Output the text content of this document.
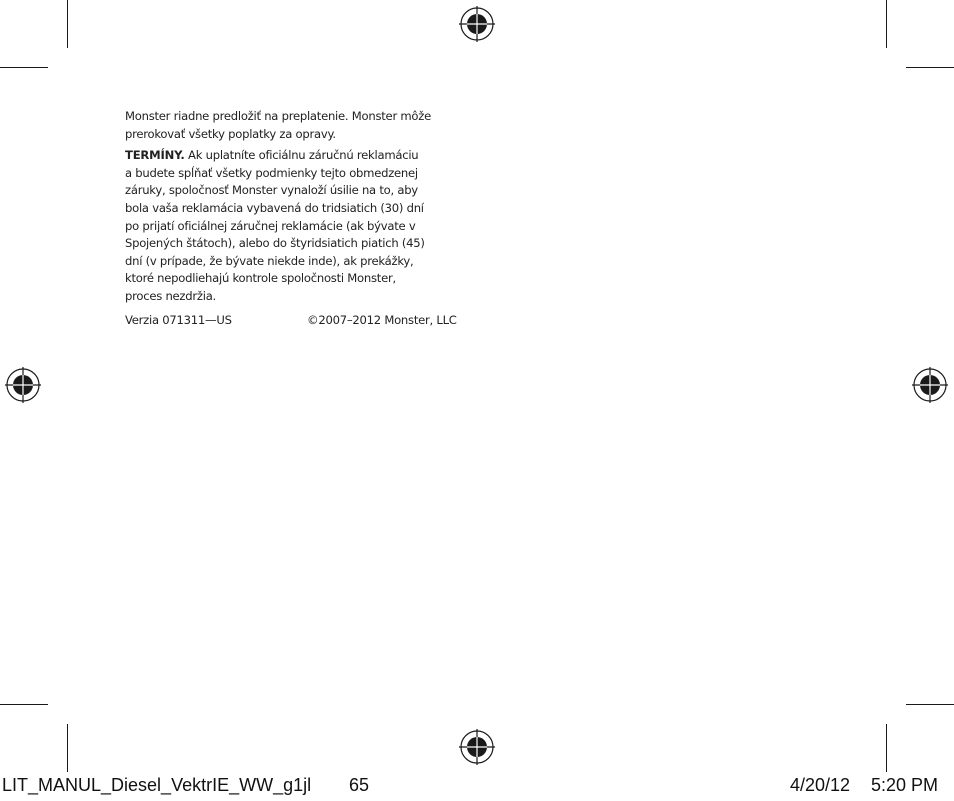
Monster riadne predložiť na preplatenie. Monster môže
prerokovať všetky poplatky za opravy.

TERMÍNY. Ak uplatníte oficiálnu záručnú reklamáciu
a budete spĺňať všetky podmienky tejto obmedzenej
záruky, spoločnosť Monster vynaloží úsilie na to, aby
bola vaša reklamácia vybavená do tridsiatich (30) dní
po prijatí oficiálnej záručnej reklamácie (ak bývate v
Spojených štátoch), alebo do štyridsiatich piatich (45)
dní (v prípade, že bývate niekde inde), ak prekážky,
ktoré nepodliehajú kontrole spoločnosti Monster,
proces nezdržia.

Verzia 071311—US	©2007–2012 Monster, LLC
LIT_MANUL_Diesel_VektrIE_WW_g1jl 65	4/20/12 5:20 PM
